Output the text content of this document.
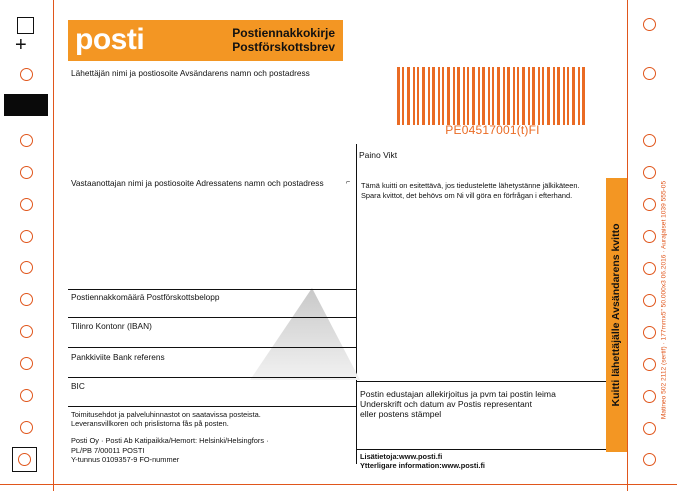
+ posti	Postiennakkokirje
Postförskottsbrev
Lähettäjän nimi ja postiosoite Avsändarens namn och postadress
PE04517001(t)FI
Paino Vikt
Vastaanottajan nimi ja postiosoite Adressatens namn och postadress	⌐ Tämä kuitti on esitettävä, jos tiedustelette lähetystänne jälkikäteen.
Spara kvittot, det behövs om Ni vill göra en förfrågan i efterhand.
Postiennakkomäärä Postförskottsbelopp
Tilinro Kontonr (IBAN)
Pankkiviite Bank referens
BIC
Postin edustajan allekirjoitus ja pvm tai postin leima
Underskrift och datum av Postis representant
eller postens stämpel
Lisätietoja:www.posti.fi
Ytterligare information:www.posti.fi
Toimitusehdot ja palveluhinnastot on saatavissa posteista.
Leveransvillkoren och prislistorna fås på posten.
Posti Oy · Posti Ab Katipaikka/Hemort: Helsinki/Helsingfors ·
PL/PB 7/00011 POSTI
Y-tunnus 0109357-9 FO-nummer
Kuitti lähettäjälle Avsändarens kvitto	Matineo 502 2112 (sertif) · 177mmx5" 50.000x3 06.2016 · Aurajaiset 1039 555-05
